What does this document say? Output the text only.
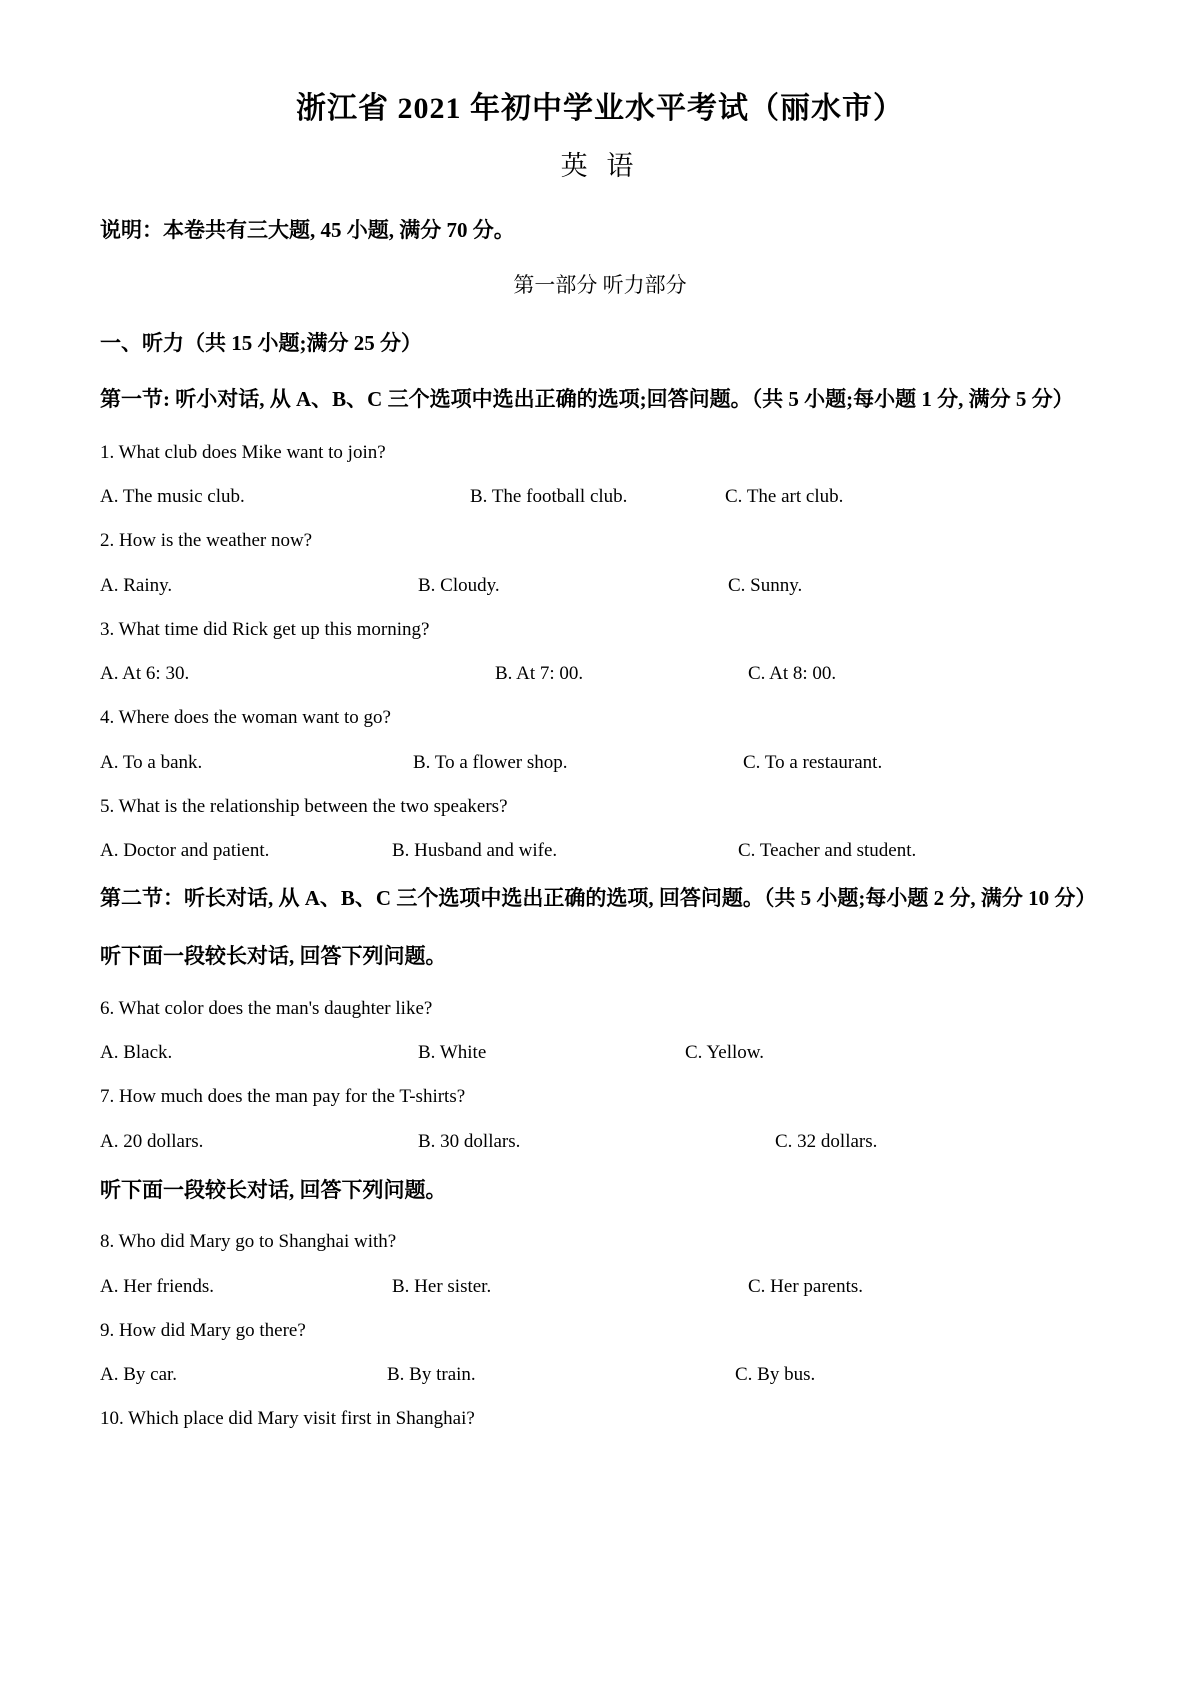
浙江省 2021 年初中学业水平考试（丽水市）
英 语

说明：本卷共有三大题, 45 小题, 满分 70 分。

第一部分 听力部分

一、听力（共 15 小题;满分 25 分）

第一节: 听小对话, 从 A、B、C 三个选项中选出正确的选项;回答问题。（共 5 小题;每小题 1 分, 满分 5 分）

1. What club does Mike want to join?

A. The music club.	B. The football club.	C. The art club.

2. How is the weather now?

A. Rainy.	B. Cloudy.	C. Sunny.

3. What time did Rick get up this morning?

A. At 6: 30.	B. At 7: 00.	C. At 8: 00.

4. Where does the woman want to go?

A. To a bank.	B. To a flower shop.	C. To a restaurant.

5. What is the relationship between the two speakers?

A. Doctor and patient.	B. Husband and wife.	C. Teacher and student.

第二节：听长对话, 从 A、B、C 三个选项中选出正确的选项, 回答问题。（共 5 小题;每小题 2 分, 满分 10 分）

听下面一段较长对话, 回答下列问题。

6. What color does the man's daughter like?

A. Black.	B. White	C. Yellow.

7. How much does the man pay for the T-shirts?

A. 20 dollars.	B. 30 dollars.	C. 32 dollars.

听下面一段较长对话, 回答下列问题。

8. Who did Mary go to Shanghai with?

A. Her friends.	B. Her sister.	C. Her parents.

9. How did Mary go there?

A. By car.	B. By train.	C. By bus.

10. Which place did Mary visit first in Shanghai?
